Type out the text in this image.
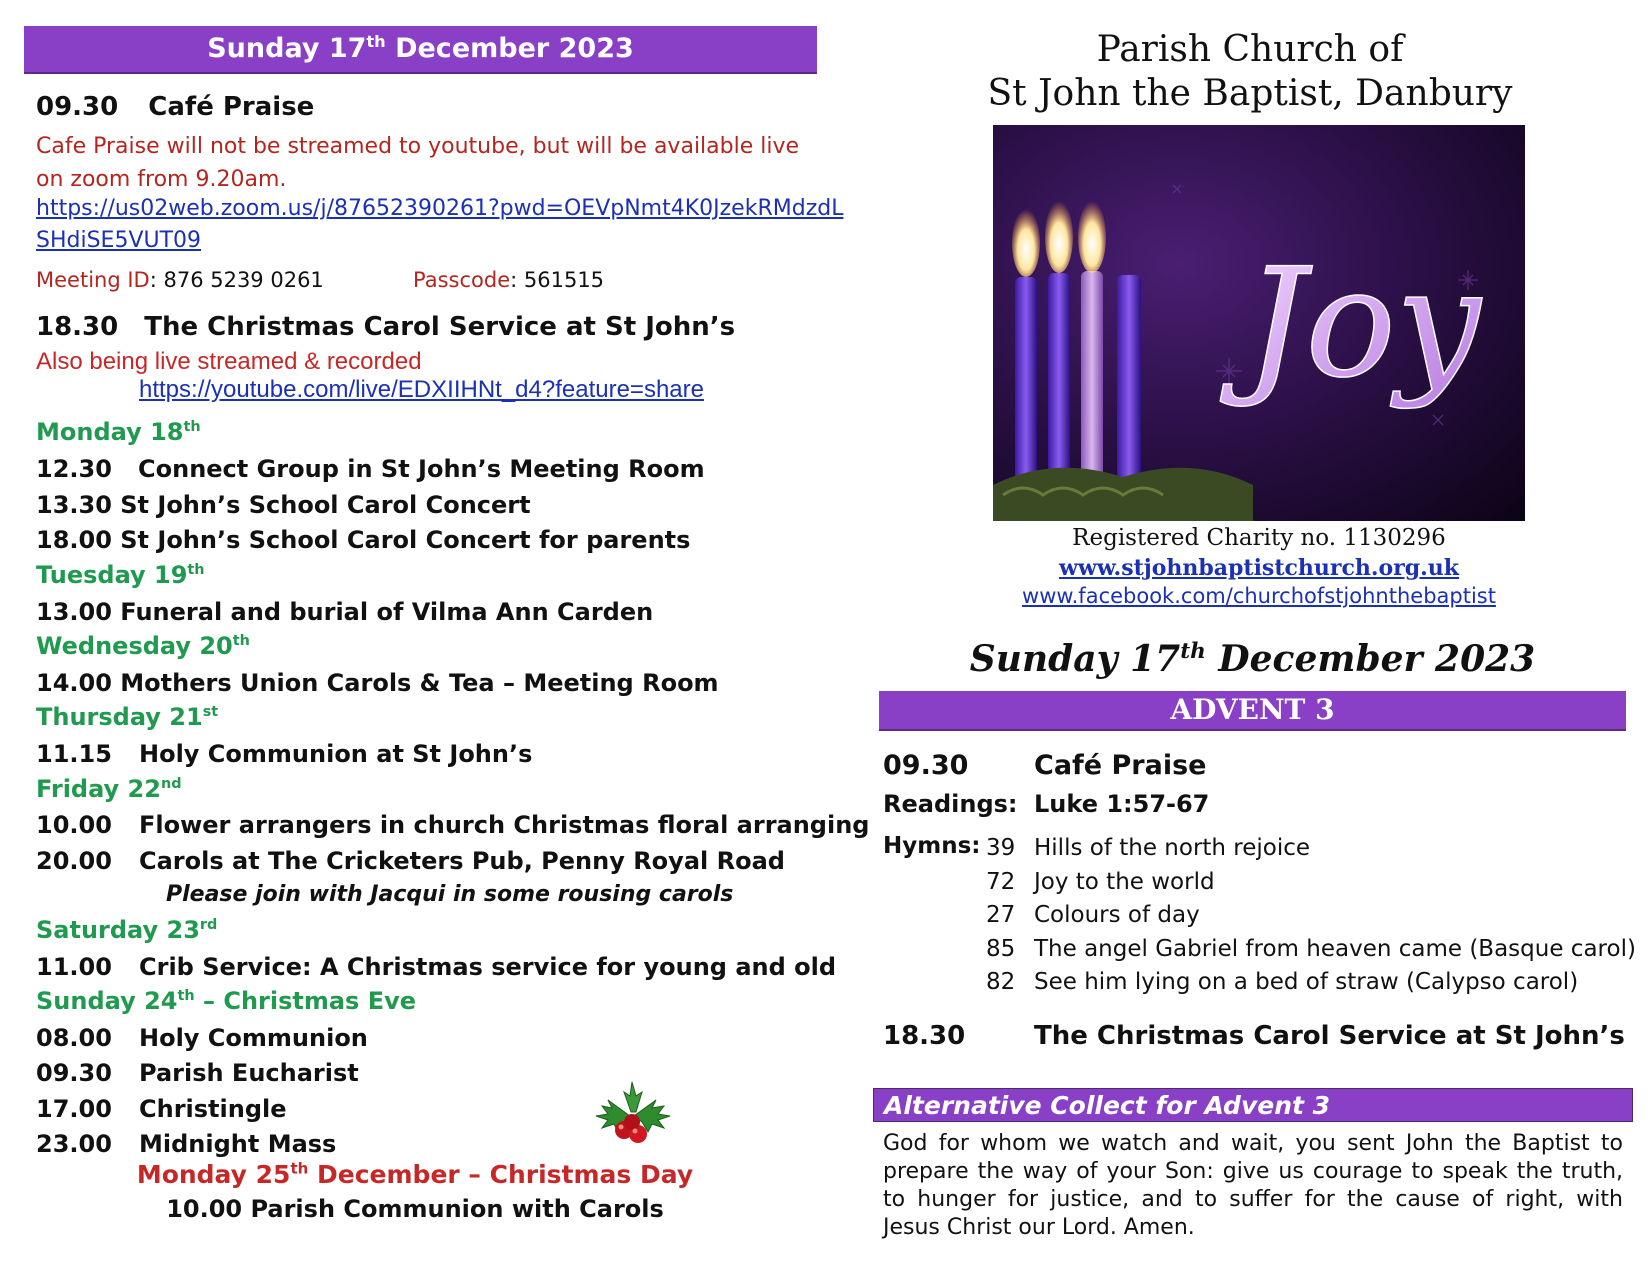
Sunday 17th December 2023
09.30 Café Praise
Cafe Praise will not be streamed to youtube, but will be available live on zoom from 9.20am.
https://us02web.zoom.us/j/87652390261?pwd=OEVpNmt4K0JzekRMdzdL
SHdiSE5VUT09
Meeting ID: 876 5239 0261	Passcode: 561515
18.30 The Christmas Carol Service at St John’s
Also being live streamed & recorded
https://youtube.com/live/EDXIIHNt_d4?feature=share
Monday 18th
12.30 Connect Group in St John’s Meeting Room
13.30 St John’s School Carol Concert
18.00 St John’s School Carol Concert for parents
Tuesday 19th
13.00 Funeral and burial of Vilma Ann Carden
Wednesday 20th
14.00 Mothers Union Carols & Tea – Meeting Room
Thursday 21st
11.15 Holy Communion at St John’s
Friday 22nd
10.00 Flower arrangers in church Christmas floral arranging
20.00 Carols at The Cricketers Pub, Penny Royal Road
Please join with Jacqui in some rousing carols
Saturday 23rd
11.00 Crib Service: A Christmas service for young and old
Sunday 24th – Christmas Eve
08.00 Holy Communion
09.30 Parish Eucharist
17.00 Christingle
23.00 Midnight Mass
Monday 25th December – Christmas Day
10.00 Parish Communion with Carols
Parish Church of
St John the Baptist, Danbury
Joy
Registered Charity no. 1130296
www.stjohnbaptistchurch.org.uk
www.facebook.com/churchofstjohnthebaptist
Sunday 17th December 2023
ADVENT 3
09.30 Café Praise
Readings: Luke 1:57-67
Hymns: 39 Hills of the north rejoice
72 Joy to the world
27 Colours of day
85 The angel Gabriel from heaven came (Basque carol)
82 See him lying on a bed of straw (Calypso carol)
18.30	The Christmas Carol Service at St John’s
Alternative Collect for Advent 3
God for whom we watch and wait, you sent John the Baptist to prepare the way of your Son: give us courage to speak the truth, to hunger for justice, and to suffer for the cause of right, with Jesus Christ our Lord. Amen.
